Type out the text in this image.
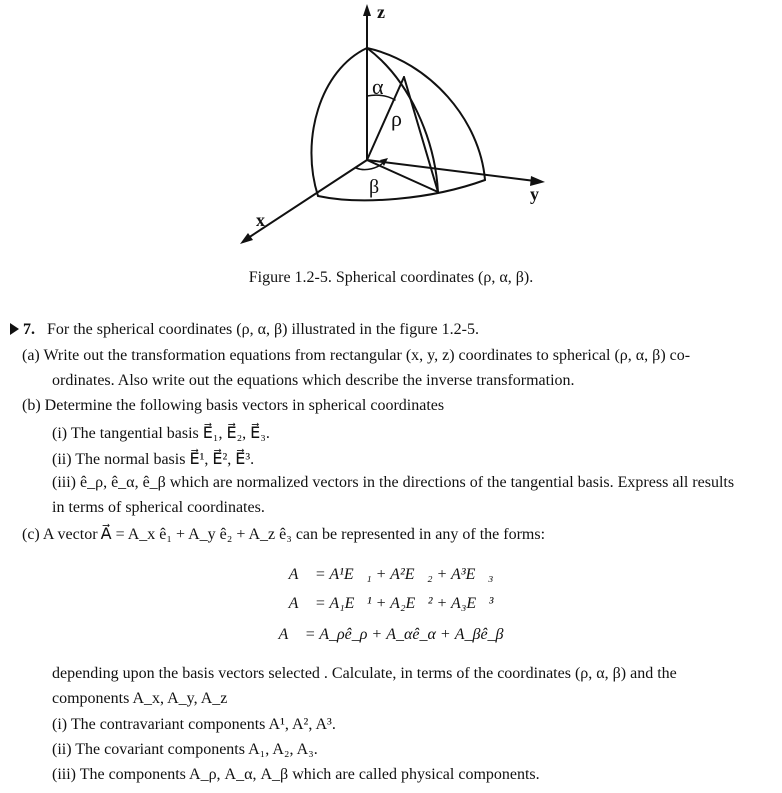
z
y
x
α
ρ
β
Figure 1.2-5. Spherical coordinates (ρ, α, β).
7. For the spherical coordinates (ρ, α, β) illustrated in the figure 1.2-5.
(a) Write out the transformation equations from rectangular (x, y, z) coordinates to spherical (ρ, α, β) co-
ordinates. Also write out the equations which describe the inverse transformation.
(b) Determine the following basis vectors in spherical coordinates
(i) The tangential basis E⃗₁, E⃗₂, E⃗₃.
(ii) The normal basis E⃗¹, E⃗², E⃗³.
(iii) ê_ρ, ê_α, ê_β which are normalized vectors in the directions of the tangential basis. Express all results
in terms of spherical coordinates.
(c) A vector A⃗ = A_x ê₁ + A_y ê₂ + A_z ê₃ can be represented in any of the forms:
A⃗ = A¹E⃗₁ + A²E⃗₂ + A³E⃗₃
A⃗ = A₁E⃗¹ + A₂E⃗² + A₃E⃗³
A⃗ = A_ρê_ρ + A_αê_α + A_βê_β
depending upon the basis vectors selected . Calculate, in terms of the coordinates (ρ, α, β) and the
components A_x, A_y, A_z
(i) The contravariant components A¹, A², A³.
(ii) The covariant components A₁, A₂, A₃.
(iii) The components A_ρ, A_α, A_β which are called physical components.
